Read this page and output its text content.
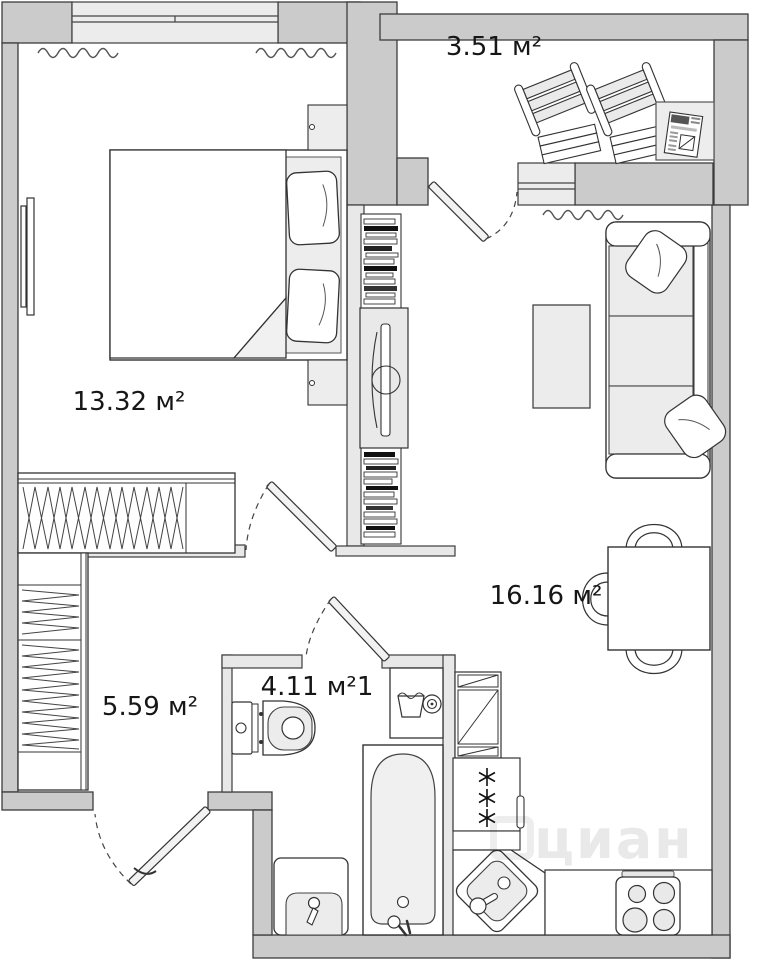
3.51 м²
13.32 м²
16.16 м²
5.59 м²
4.11 м²1
циан
